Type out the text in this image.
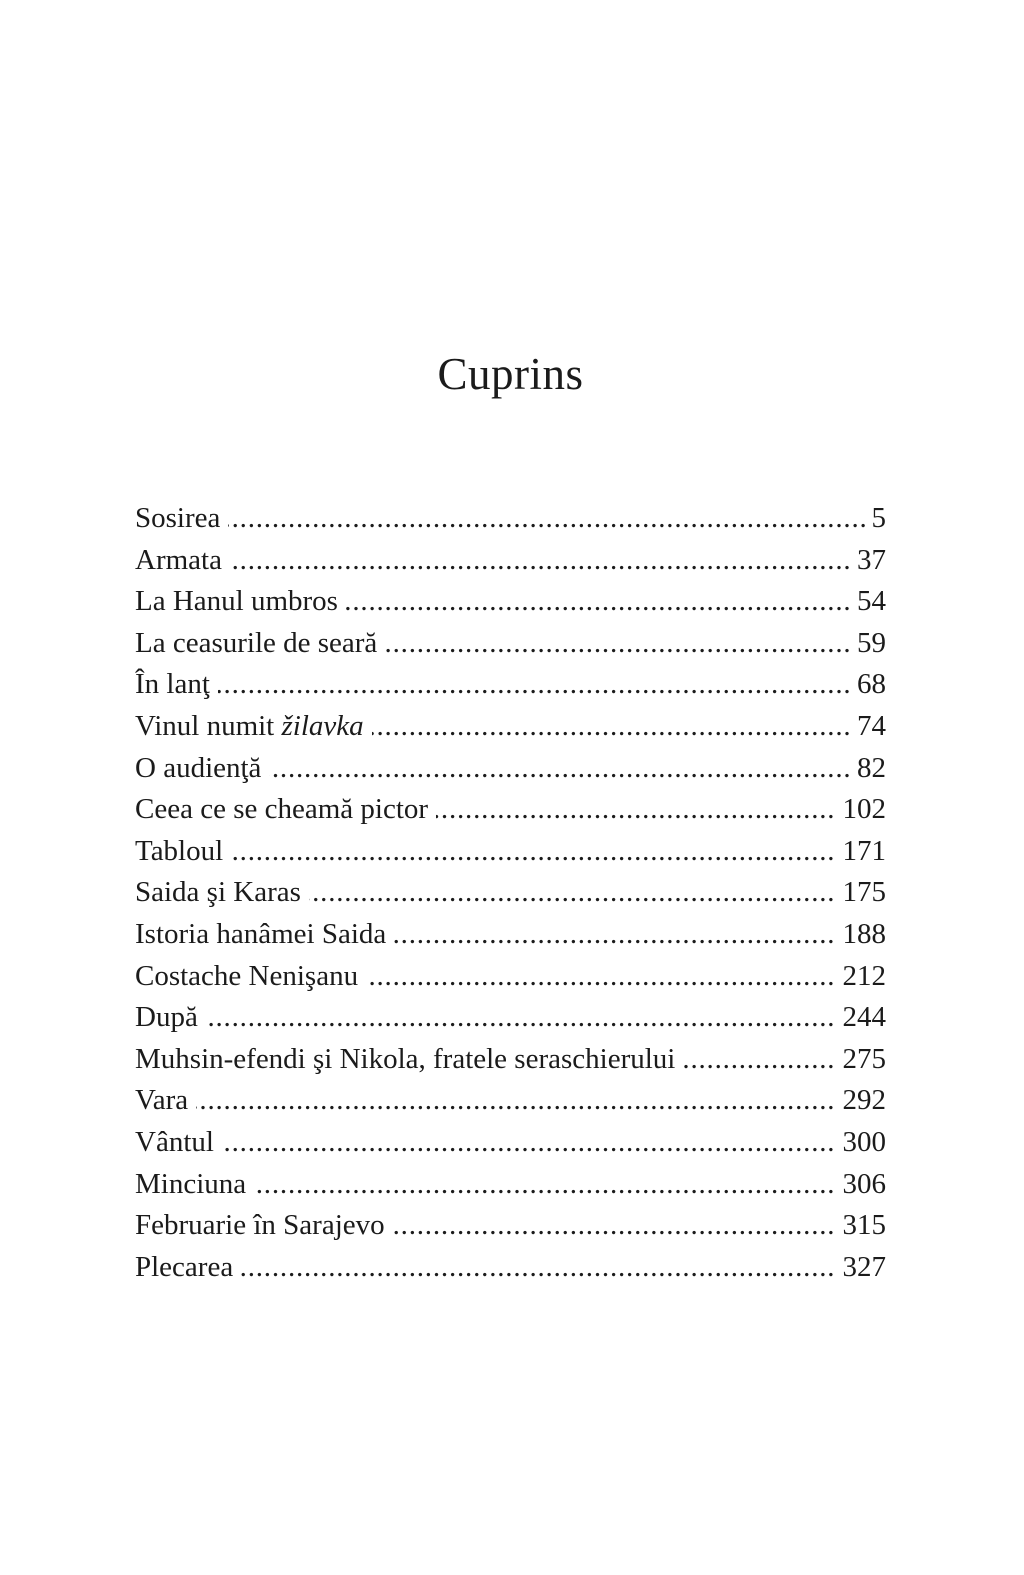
Cuprins
.....
Sosirea	5
.....
Armata	37
.....
La Hanul umbros	54
.....
La ceasurile de seară	59
.....
În lanţ	68
.....
Vinul numit žilavka	74
.....
O audienţă	82
.....
Ceea ce se cheamă pictor	102
.....
Tabloul	171
.....
Saida şi Karas	175
.....
Istoria hanâmei Saida	188
.....
Costache Nenişanu	212
.....
După	244
.....
Muhsin-efendi şi Nikola, fratele seraschierului	275
.....
Vara	292
.....
Vântul	300
.....
Minciuna	306
.....
Februarie în Sarajevo	315
.....
Plecarea	327
